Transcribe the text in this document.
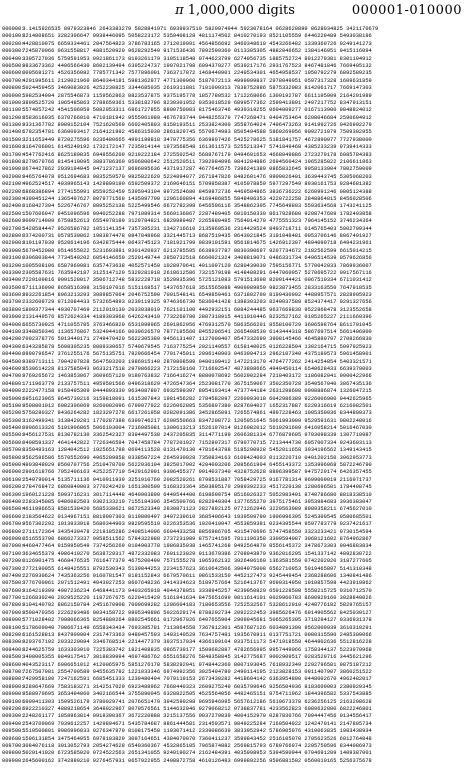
π 1,000,000 digits	000001-010000
000000: 3.1415926535 8979323846 2643383279 5028841971 6939937510 5820974944 5923078164 0628620899 8628034825 3421170679
000100: 8214808651 3282306647 0938446095 5058223172 5359408128 4811174502 8410270193 8521105559 6446229489 5493038196
000200: 4428810975 6659334461 2847564823 3786783165 2712019091 4564856692 3460348610 4543266482 1339360726 0249141273
000300: 7245870066 0631558817 4881520920 9628292540 9171536436 7892590360 0113305305 4882046652 1384146951 9415116094
000400: 3305727036 5759591953 0921861173 8193261179 3105118548 0744623799 6274956735 1885752724 8912279381 8301194912
000500: 9833673362 4406566430 8602139494 6395224737 1907021798 6094370277 0539217176 2931767523 8467481846 7669405132
000600: 0005681271 4526356082 7785771342 7577896091 7363717872 1468440901 2249534301 4654958537 1050792279 6892589235
000700: 4201995611 2129021960 8640344181 5981362977 4771309960 5187072113 4999999837 2978049951 0597317328 1609631859
000800: 5024459455 3469083026 4252230825 3344685035 2619311881 7101000313 7838752886 5875332083 8142061717 7669147303
000900: 5982534904 2875546873 1159562863 8823537875 9375195778 1857780532 1712268066 1300192787 6611195909 2164201989
001000: 3809525720 1065485863 2788659361 5338182796 8230301952 0353018529 6899577362 2599413891 2497217752 8347913151
001100: 5574857242 4541506959 5082953311 6861727855 8890750983 8175463746 4939319255 0604009277 0167113900 9848824012
001200: 8583616035 6370766010 4710181942 9555961989 4676783744 9448255379 7747268471 0404753464 6208046684 2590694912
001300: 9331367702 8989152104 7521620569 6602405803 8150193511 2533824300 3558764024 7496473263 9141992726 0426992279
001400: 6782354781 6360093417 2164121992 4586315030 2861829745 5570674983 8505494588 5869269956 9092721079 7509302955
001500: 3211653449 8720275596 0236480665 4991198818 3479775356 6369807426 5425278625 5181841757 4672890977 7727938000
001600: 8164706001 6145249192 1732172147 7235014144 1973568548 1613611573 5255213347 5741849468 4385233239 0739414333
001700: 4547762416 8625189835 6948556209 9219222184 2725502542 5688767179 0494601653 4668049886 2723279178 6085784383
001800: 8279679766 8145410095 3883786360 9506800642 2512520511 7392984896 0841284886 2694560424 1965285022 2106611863
001900: 0674427862 2039194945 0471237137 8696095636 4371917287 4677646575 7396241389 0865832645 9958133904 7802759009
002000: 9465764078 9512694683 9835259570 9825822620 5224894077 2671947826 8482601476 9909026401 3639443745 5305068203
002100: 4962524517 4939965143 1429809190 6592509372 2169646151 5709858387 4105978859 5977297549 8930161753 9284681382
002200: 6868386894 2774155991 8559252459 5395943104 9972524680 8459872736 4469584865 3836736222 6260991246 0805124388
002300: 4390451244 1365497627 8079771569 1435997700 1296160894 4169486855 5848406353 4220722258 2848864815 8456028506
002400: 0168427394 5226746767 8895252138 5225499546 6672782398 6456596116 3548862305 7745649803 5593634568 1743241125
002500: 1507606947 9451096596 0940252288 7971089314 5669136867 2287489405 6010150330 8617928680 9208747609 1782493858
002600: 9009714909 6759852613 6554978189 3129784821 6829989487 2265880485 7564014270 4775551323 7964145152 3746234364
002700: 5428584447 9526586782 1051141354 7357395231 1342716610 2135969536 2314429524 8493718711 0145765403 5902799344
002800: 0374200731 0578539062 1983874478 0847848968 3321445713 8687519435 0643021845 3191048481 0053706146 8067491927
002900: 8191197939 9520614196 6342875444 0643745123 7181921799 9839101591 9561814675 1426912397 4894090718 6494231961
003000: 5679452080 9514655022 5231603881 9301420937 6213785595 6638937787 0830390697 9207734672 2182562599 6615014215
003100: 0306803844 7734549202 6054146659 2520149744 2850732518 6660021324 3408819071 0486331734 6496514539 0579626856
003200: 1005508106 6587969981 6357473638 4052571459 1028970641 4011097120 6280439039 7595156771 5770042033 7869936007
003300: 2305587631 7635942187 3125147120 5329281918 2618612586 7321579198 4148488291 6447060957 5270695722 0917567116
003400: 7229109816 9091528017 3506712748 5832228718 3520935396 5725121083 5791513698 8209144421 0067510334 6711031412
003500: 6711136990 8658516398 3150197016 5151168517 1437657618 3515565088 4909989859 9823873455 2833163550 7647918535
003600: 8932261854 8963213293 3089857064 2046752590 7091548141 6549859461 6371802709 8199430992 4488957571 2828905923
003700: 2332609729 9712084433 5732654893 8239119325 9746366730 5836041428 1388303203 8249037589 8524374417 0291327656
003800: 1809377344 4030707469 2112019130 2033038019 7621101100 4492932151 6084244485 9637669838 9522868478 3123552658
003900: 2131449576 8572624334 4189303968 6426243410 7732269780 2807318915 4411010446 8232527162 0105265227 2111660396
004000: 6655730925 4711055785 3763466820 6531098965 2691862056 4769312570 5863566201 8558100729 3606598764 8611791045
004100: 3348850346 1136576867 5324944166 8039626579 7877185560 8455296541 2665408530 6143444318 5867697514 5661406800
004200: 7002378776 5913440171 2749470420 5622305389 9456131407 1127000407 8547332699 3908145466 4645880797 2708266830
004300: 6343285878 5698305235 8089330657 5740679545 7163775254 2021149557 6158140025 0126228594 1302164715 5097925923
004400: 0990796547 3761255176 5675135751 7829666454 7791745011 2996148903 0463994713 2962107340 4375189573 5961458901
004500: 9389713111 7904297828 5647503203 1986915140 2870808599 0480109412 1472213179 4764777262 2414254854 5403321571
004600: 8530614228 8137585043 0633217518 2979866223 7172159160 7716692547 4873898665 4949450114 6540628433 6639379003
004700: 9769265672 1463853067 3609657120 9180763832 7166416274 8880078692 5602902284 7210403172 1186082041 9000422966
004800: 1711963779 2133757511 4959501566 0496318629 4726547364 2523081770 3675159067 3502350728 3540567040 3867435136
004900: 2222477158 9150495309 8444893330 9634087807 6932599397 8054193414 4737744184 2631298608 0998886874 1326047215
005000: 6951623965 8645730216 3159818091 1615307843 1981456282 2784582097 2260993018 6042986389 9226006900 0442625965
005100: 9508001012 6082306069 0260002096 6799977922 6226062805 5356897380 8287694027 1652317887 6220316619 6216082501
005200: 5750280327 9436264282 1823297278 6617261958 0282091386 3452865091 7265574861 4897228463 1005350936 8344809373
005300: 3162499341 3138429281 1770287388 6390746217 6200550663 8347208772 1205951645 5061993009 9529591631 0802248016
005400: 0906613326 5191906865 5066193004 7216085081 1300613213 1526197014 8126082012 5619291609 6416058214 5016467030
005500: 9456127531 8130782130 3362542327 8394497538 2437205835 3114771199 2606381334 6776879695 9703098339 1307710987
005600: 0408591337 4641442822 7726346594 7047458784 7787201927 7152807317 6790770715 7213444730 6057007334 9243693113
005700: 8350493163 1284042512 1925651798 0694113528 0131470130 4781643788 5185290928 5452011658 3934196562 1349143415
005800: 9562586586 5570552690 4965209858 0338507224 2645930928 7350834163 6108424003 0113220710 0401202150 3062953773
005900: 4803848029 8560707756 2510478709 5622036104 3825017902 4204003206 2085661904 6455143372 1353996068 5872246790
006000: 2901618766 7952406163 4252257719 5429162991 9306455377 9914037340 4328752628 8896399587 9475729174 6426357455
006100: 2540790914 5135711136 9410911939 3251910760 2082520261 8798531887 7058429725 9167781314 9699009019 2116971737
006200: 2784768472 6860849003 3770242429 1651300500 5168323364 3503895170 2989392233 4517220138 1280696501 1784408745
006300: 1960121228 5993716231 3017114448 4640903890 6449544400 6198690754 8516026327 5052983491 8740786680 8818338510
006400: 2283345085 0486082503 9302133219 7155184306 3545500766 8282949304 1377655279 3975175461 3953984683 3936383047
006500: 4611996653 8581538420 5685338621 8672523340 2830871123 2827892125 0771262946 3229563989 8989358211 6745627010
006600: 2183564622 0134967151 8819097303 8119800497 3407239610 3685406643 1939509790 1906996395 5245300545 0580685501
006700: 9567302292 1913933918 5680344903 9820595510 0226353536 1920419947 4553859381 0234395544 9597783779 0237421617
006800: 2711172364 3435439478 2218185286 2408514006 6604433258 8856986705 4315470696 5747458550 3323233421 0730154594
006900: 0516553790 6866273337 9958511562 5784322988 2737231989 8757141595 7811196358 3300594087 3068121602 8764962867
007000: 4460477464 9159950549 7374256269 0104903778 1986835938 1465741268 0492564879 8556145372 3478673303 9046883834
007100: 3634655379 4986419270 5638729317 4872332083 7601123029 9113679386 2708943879 9362016295 1541337142 4892830722
007200: 0126901475 4668476535 7616477379 4675200490 7571555278 1965362132 3926406160 1363581559 0742202020 3187277605
007300: 2772190055 6148425551 8792530343 5139844253 2234157623 3610642506 3904975008 6562710953 5919465897 5141310348
007400: 2276930624 7435363256 9160781547 8181152843 6679570611 0861533150 4452127473 9245449454 2368288606 1340841486
007500: 3776700961 2071512491 4043027253 8607648236 3414334623 5189757664 5216413767 9690314950 1910857598 4423919862
007600: 9164219399 4907236234 6468441173 9403265918 4044378051 3338945257 4239950829 6591228508 5558215725 0310712570
007700: 1266830240 2929525220 1187267675 6220415420 5161841634 8475651699 9811614101 0029960783 8690929160 3028840026
007800: 9104140792 8862150784 2451670908 7000699282 1206604183 7180653556 7252532567 5328612910 4248776182 5829765157
007900: 9598470356 2226293486 0034158722 9805349896 5022629174 8788202734 2092222453 3985626476 6914905562 8425039127
008000: 5771028402 7998066365 8254889264 8802545661 0172967026 6407655904 2909945681 5065265305 3718294127 0336931378
008100: 5178609040 7086671149 6558343434 7693385781 7113864558 7367812301 4587687126 6034891390 9562009939 3610310291
008200: 6161528813 8437909904 2317473363 9480457593 1493140529 7634757481 1935670911 0137751721 0080315590 2485309066
008300: 9203767192 2033229094 3346768514 2214477379 3937517034 4366199104 0337511173 5471918550 4644902636 5512816228
008400: 8244625759 1633303910 7225383742 1821408835 0865739177 1509682887 4782656995 9957449066 1758344137 5223970968
008500: 3408005355 9849175417 3818839994 4697486762 6551658276 5848358845 3142775687 9002909517 0283529716 3445621296
008600: 4043523117 6006651012 4120065975 5851276178 5838292041 9748442360 8007193045 7618932349 2292796501 9875187212
008700: 7267507981 2554709589 0455635792 1221033346 6974992356 3025494780 2490114195 2123828153 0911407907 3860251522
008800: 7429958180 7247162591 6685451333 1239480494 7079119153 2673430282 4418604142 6363954800 0448002670 4962482017
008900: 9289647669 7583183271 3142517029 6923488962 7668440323 2609275249 6035799646 9256504936 8183609003 2380929345
009000: 9588970695 3653494060 3402166544 3755890045 6328822505 4525564056 4482465151 8754711962 1844396582 5337543885
009100: 6909411303 1509526179 3780029741 2076651479 3942590298 9695946995 5657612186 5619673378 6236256125 2163208628
009200: 6922210327 4889218654 3648022967 8070576561 5144632046 9279068212 0738837781 4233562823 6089632080 6822246801
009300: 2248261177 1858963814 0918390367 3672220888 3215137556 0037279839 4004152970 0287830766 7094447456 0134556417
009400: 2543709069 7939612257 1429894671 5435784687 8861444581 2314593571 9849225284 7160504922 1242470141 2147805734
009500: 5510500801 9086996033 0276347870 8108175450 1193071412 2339086639 3833952942 5786905076 4310063835 1983438934
009600: 1596131854 3475464955 6978103829 3097164651 4384070070 7360411237 3599843452 2516105070 2705623526 6012764848
009700: 3084076118 3013052793 2054274628 6540360367 4532865105 7065874882 2569815793 6789766974 2205750596 8344086973
009800: 5020141020 6723585020 0724522563 2651341055 9240190274 2162484391 4035998953 5394590944 0704691209 1409387001
009900: 2645600162 3742880210 9276457931 0657922955 2498872758 4610126483 6999892256 9596881592 0560010165 5256375678
